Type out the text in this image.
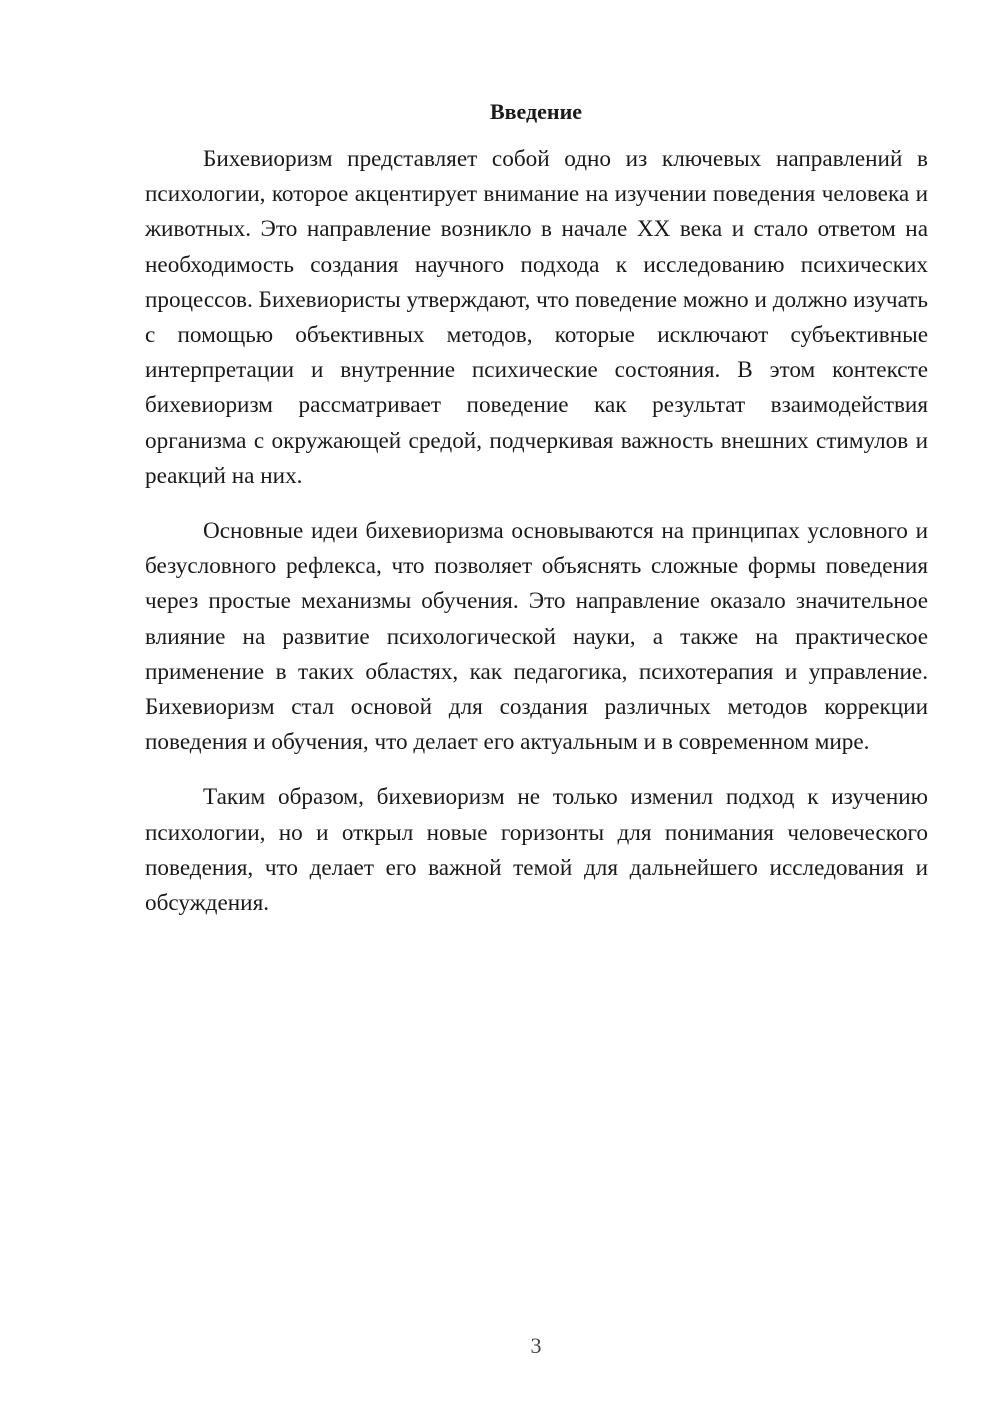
Введение

Бихевиоризм представляет собой одно из ключевых направлений в психологии, которое акцентирует внимание на изучении поведения человека и животных. Это направление возникло в начале XX века и стало ответом на необходимость создания научного подхода к исследованию психических процессов. Бихевиористы утверждают, что поведение можно и должно изучать с помощью объективных методов, которые исключают субъективные интерпретации и внутренние психические состояния. В этом контексте бихевиоризм рассматривает поведение как результат взаимодействия организма с окружающей средой, подчеркивая важность внешних стимулов и реакций на них.

Основные идеи бихевиоризма основываются на принципах условного и безусловного рефлекса, что позволяет объяснять сложные формы поведения через простые механизмы обучения. Это направление оказало значительное влияние на развитие психологической науки, а также на практическое применение в таких областях, как педагогика, психотерапия и управление. Бихевиоризм стал основой для создания различных методов коррекции поведения и обучения, что делает его актуальным и в современном мире.

Таким образом, бихевиоризм не только изменил подход к изучению психологии, но и открыл новые горизонты для понимания человеческого поведения, что делает его важной темой для дальнейшего исследования и обсуждения.

3
